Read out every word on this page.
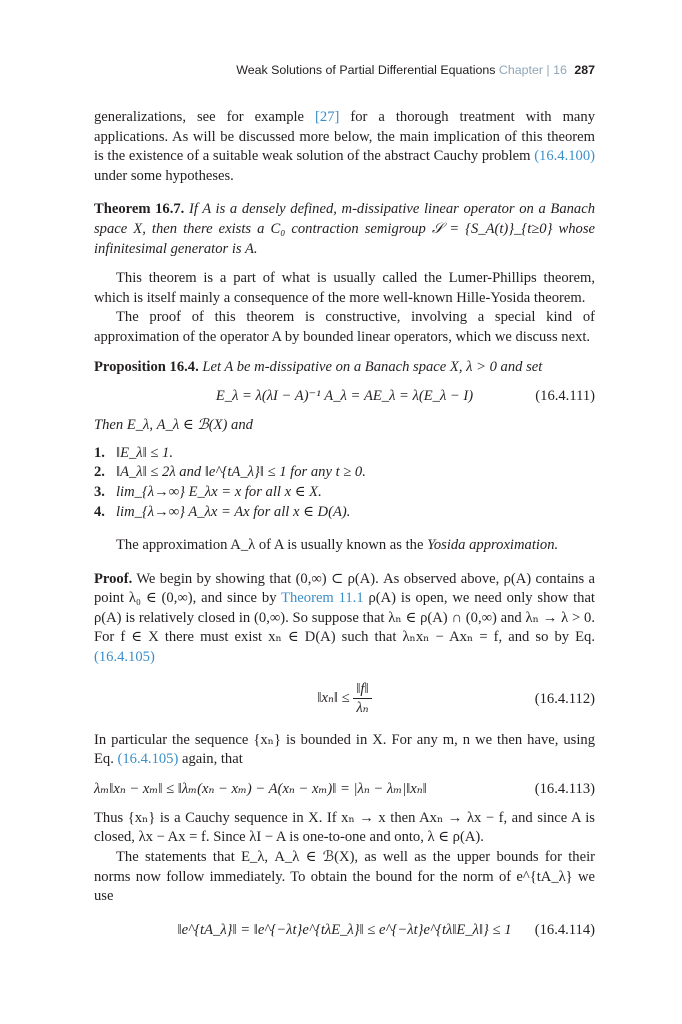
Weak Solutions of Partial Differential Equations Chapter | 16 287

generalizations, see for example [27] for a thorough treatment with many applications. As will be discussed more below, the main implication of this theorem is the existence of a suitable weak solution of the abstract Cauchy problem (16.4.100) under some hypotheses.

Theorem 16.7. If A is a densely defined, m-dissipative linear operator on a Banach space X, then there exists a C₀ contraction semigroup 𝒮 = {S_A(t)}_{t≥0} whose infinitesimal generator is A.

This theorem is a part of what is usually called the Lumer-Phillips theorem, which is itself mainly a consequence of the more well-known Hille-Yosida theorem.

The proof of this theorem is constructive, involving a special kind of approximation of the operator A by bounded linear operators, which we discuss next.

Proposition 16.4. Let A be m-dissipative on a Banach space X, λ > 0 and set

E_λ = λ(λI − A)⁻¹ A_λ = AE_λ = λ(E_λ − I)	(16.4.111)

Then E_λ, A_λ ∈ ℬ(X) and

1. ‖E_λ‖ ≤ 1.
2. ‖A_λ‖ ≤ 2λ and ‖e^{tA_λ}‖ ≤ 1 for any t ≥ 0.
3. lim_{λ→∞} E_λx = x for all x ∈ X.
4. lim_{λ→∞} A_λx = Ax for all x ∈ D(A).

The approximation A_λ of A is usually known as the Yosida approximation.

Proof. We begin by showing that (0,∞) ⊂ ρ(A). As observed above, ρ(A) contains a point λ₀ ∈ (0,∞), and since by Theorem 11.1 ρ(A) is open, we need only show that ρ(A) is relatively closed in (0,∞). So suppose that λₙ ∈ ρ(A) ∩ (0,∞) and λₙ → λ > 0. For f ∈ X there must exist xₙ ∈ D(A) such that λₙxₙ − Axₙ = f, and so by Eq. (16.4.105)

‖xₙ‖ ≤ $\frac{‖f‖}{\text{λₙ}}$	(16.4.112)

In particular the sequence {xₙ} is bounded in X. For any m, n we then have, using Eq. (16.4.105) again, that

λₘ‖xₙ − xₘ‖ ≤ ‖λₘ(xₙ − xₘ) − A(xₙ − xₘ)‖ = |λₙ − λₘ|‖xₙ‖	(16.4.113)

Thus {xₙ} is a Cauchy sequence in X. If xₙ → x then Axₙ → λx − f, and since A is closed, λx − Ax = f. Since λI − A is one-to-one and onto, λ ∈ ρ(A).

The statements that E_λ, A_λ ∈ ℬ(X), as well as the upper bounds for their norms now follow immediately. To obtain the bound for the norm of e^{tA_λ} we use

‖e^{tA_λ}‖ = ‖e^{−λt}e^{tλE_λ}‖ ≤ e^{−λt}e^{tλ‖E_λ‖} ≤ 1	(16.4.114)
